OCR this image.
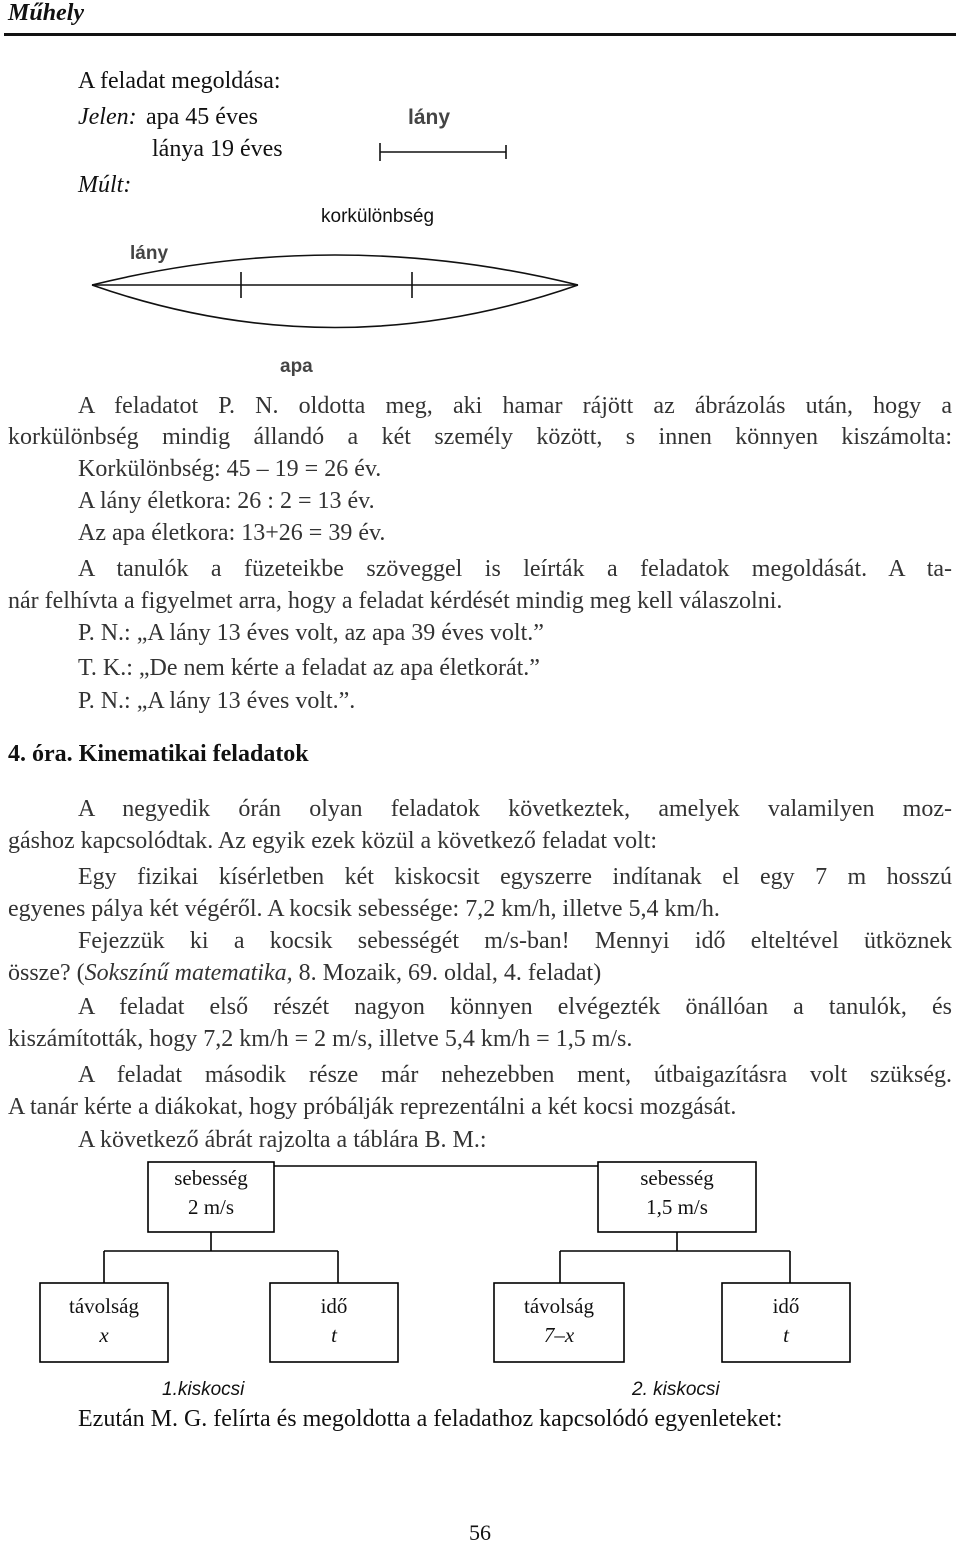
Műhely
A feladat megoldása:
Jelen: apa 45 éves
lánya 19 éves
Múlt:
lány
korkülönbség
lány
apa
A feladatot P. N. oldotta meg, aki hamar rájött az ábrázolás után, hogy a
korkülönbség mindig állandó a két személy között, s innen könnyen kiszámolta:
Korkülönbség: 45 – 19 = 26 év.
A lány életkora: 26 : 2 = 13 év.
Az apa életkora: 13+26 = 39 év.
A tanulók a füzeteikbe szöveggel is leírták a feladatok megoldását. A ta-
nár felhívta a figyelmet arra, hogy a feladat kérdését mindig meg kell válaszolni.
P. N.: „A lány 13 éves volt, az apa 39 éves volt.”
T. K.: „De nem kérte a feladat az apa életkorát.”
P. N.: „A lány 13 éves volt.”.
4. óra. Kinematikai feladatok
A negyedik órán olyan feladatok következtek, amelyek valamilyen moz-
gáshoz kapcsolódtak. Az egyik ezek közül a következő feladat volt:
Egy fizikai kísérletben két kiskocsit egyszerre indítanak el egy 7 m hosszú
egyenes pálya két végéről. A kocsik sebessége: 7,2 km/h, illetve 5,4 km/h.
Fejezzük ki a kocsik sebességét m/s-ban! Mennyi idő elteltével ütköznek
össze? (Sokszínű matematika, 8. Mozaik, 69. oldal, 4. feladat)
A feladat első részét nagyon könnyen elvégezték önállóan a tanulók, és
kiszámították, hogy 7,2 km/h = 2 m/s, illetve 5,4 km/h = 1,5 m/s.
A feladat második része már nehezebben ment, útbaigazításra volt szükség.
A tanár kérte a diákokat, hogy próbálják reprezentálni a két kocsi mozgását.
A következő ábrát rajzolta a táblára B. M.:
sebesség
2 m/s
sebesség
1,5 m/s
távolság
x
idő
t
távolság
7–x
idő
t
1.kiskocsi	2. kiskocsi
Ezután M. G. felírta és megoldotta a feladathoz kapcsolódó egyenleteket:
56
